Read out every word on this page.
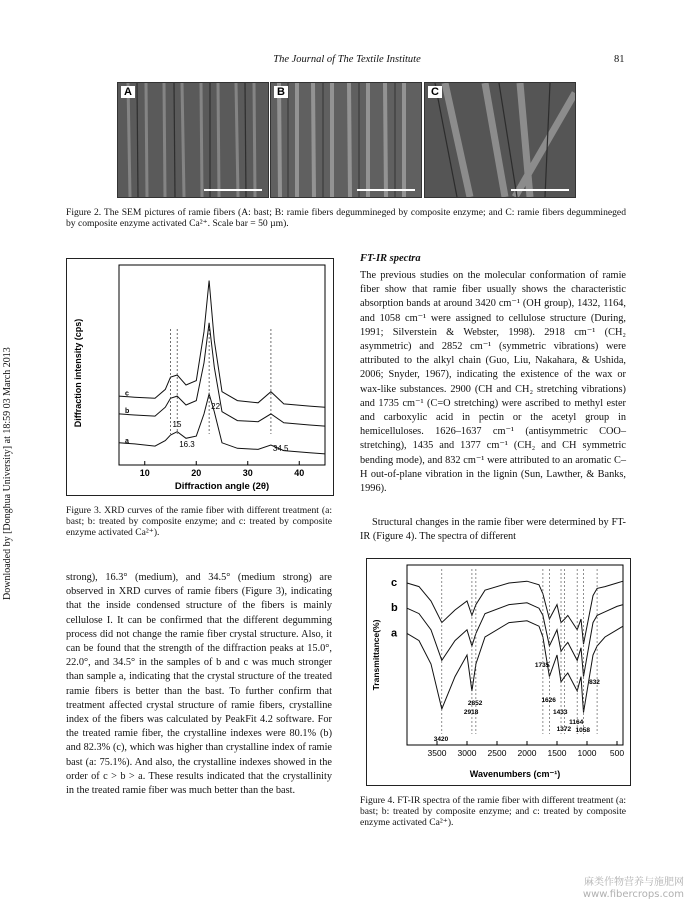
The Journal of The Textile Institute	81
Downloaded by [Donghua University] at 18:59 03 March 2013
A	B	C
Figure 2. The SEM pictures of ramie fibers (A: bast; B: ramie fibers degummineged by composite enzyme; and C: ramie fibers degummineged by composite enzyme activated Ca²⁺. Scale bar = 50 µm).
a
b
c
15
16.3
22
34.5
10	20	30	40
Diffraction intensity (cps)
Diffraction angle (2θ)
Figure 3. XRD curves of the ramie fiber with different treatment (a: bast; b: treated by composite enzyme; and c: treated by composite enzyme activated Ca²⁺).
FT-IR spectra
The previous studies on the molecular conformation of ramie fiber show that ramie fiber usually shows the characteristic absorption bands at around 3420 cm⁻¹ (OH group), 1432, 1164, and 1058 cm⁻¹ were assigned to cellulose structure (During, 1991; Silverstein & Webster, 1998). 2918 cm⁻¹ (CH₂ asymmetric) and 2852 cm⁻¹ (symmetric vibrations) were attributed to the alkyl chain (Guo, Liu, Nakahara, & Ushida, 2006; Snyder, 1967), indicating the existence of the wax or wax-like substances. 2900 (CH and CH₂ stretching vibrations) and 1735 cm⁻¹ (C=O stretching) were ascribed to methyl ester and carboxylic acid in pectin or the acetyl group in hemicelluloses. 1626–1637 cm⁻¹ (antisymmetric COO–stretching), 1435 and 1377 cm⁻¹ (CH₂ and CH symmetric bending mode), and 832 cm⁻¹ were attributed to an aromatic C–H out-of-plane vibration in the lignin (Sun, Lawther, & Banks, 1996).
Structural changes in the ramie fiber were determined by FT-IR (Figure 4). The spectra of different
strong), 16.3° (medium), and 34.5° (medium strong) are observed in XRD curves of ramie fibers (Figure 3), indicating that the inside condensed structure of the fibers is mainly cellulose I. It can be confirmed that the different degumming process did not change the ramie fiber crystal structure. Also, it can be found that the strength of the diffraction peaks at 15.0°, 22.0°, and 34.5° in the samples of b and c was much stronger than sample a, indicating that the crystal structure of the treated ramie fibers is better than the bast. To further confirm that treatment affected crystal structure of ramie fibers, crystalline index of the fibers was calculated by PeakFit 4.2 software. For the treated ramie fiber, the crystalline indexes were 80.1% (b) and 82.3% (c), which was higher than crystalline index of ramie bast (a: 75.1%). And also, the crystalline indexes showed in the order of c > b > a. These results indicated that the crystallinity in the treated ramie fiber was much better than the bast.
a
b
c
3420
2918
2852
1735
1626
1433
1372
1164
1058
832
3500 3000 2500 2000 1500 1000 500
Transmittance(%)
Wavenumbers (cm⁻¹)
Figure 4. FT-IR spectra of the ramie fiber with different treatment (a: bast; b: treated by composite enzyme; and c: treated by composite enzyme activated Ca²⁺).
麻类作物营养与施肥网
www.fibercrops.com
